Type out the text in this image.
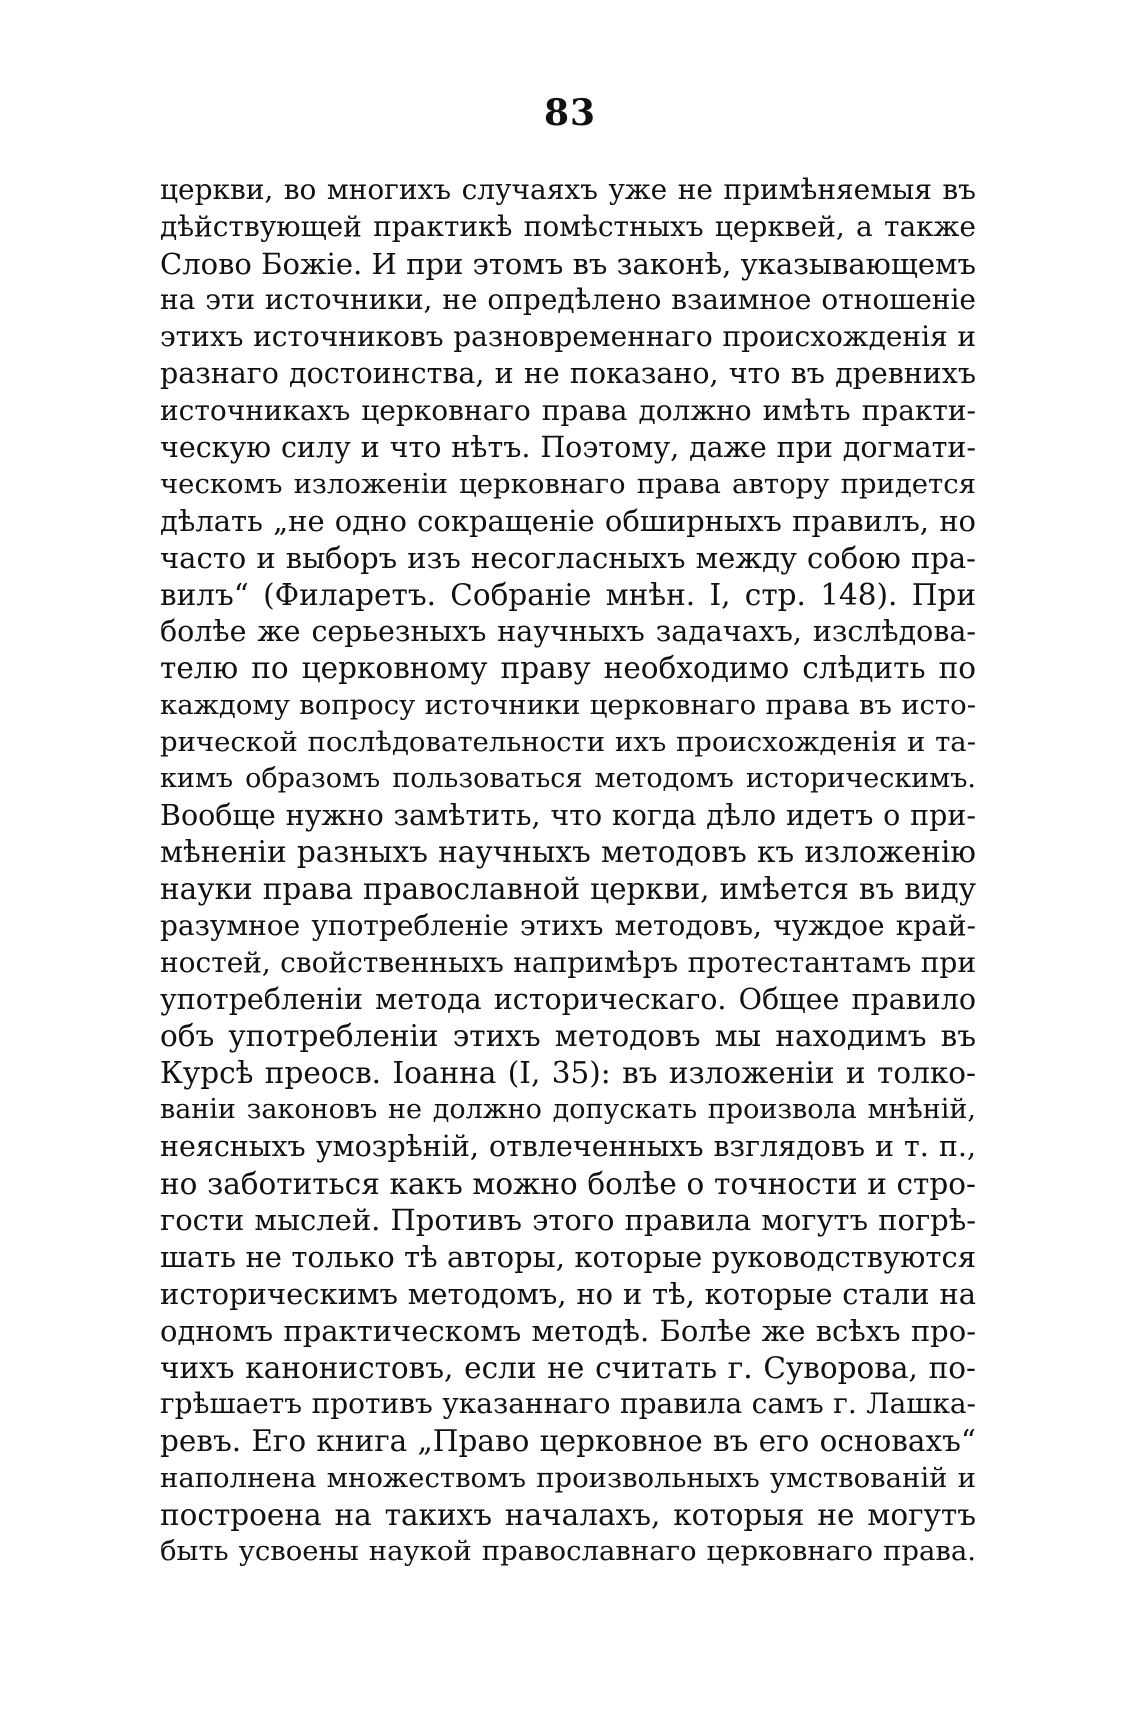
83
церкви, во многихъ случаяхъ уже не примѣняемыя въ
дѣйствующей практикѣ помѣстныхъ церквей, а также
Слово Божіе. И при этомъ въ законѣ, указывающемъ
на эти источники, не опредѣлено взаимное отношеніе
этихъ источниковъ разновременнаго происхожденія и
разнаго достоинства, и не показано, что въ древнихъ
источникахъ церковнаго права должно имѣть практи-
ческую силу и что нѣтъ. Поэтому, даже при догмати-
ческомъ изложеніи церковнаго права автору придется
дѣлать „не одно сокращеніе обширныхъ правилъ, но
часто и выборъ изъ несогласныхъ между собою пра-
вилъ“ (Филаретъ. Собраніе мнѣн. I, стр. 148). При
болѣе же серьезныхъ научныхъ задачахъ, изслѣдова-
телю по церковному праву необходимо слѣдить по
каждому вопросу источники церковнаго права въ исто-
рической послѣдовательности ихъ происхожденія и та-
кимъ образомъ пользоваться методомъ историческимъ.
Вообще нужно замѣтить, что когда дѣло идетъ о при-
мѣненіи разныхъ научныхъ методовъ къ изложенію
науки права православной церкви, имѣется въ виду
разумное употребленіе этихъ методовъ, чуждое край-
ностей, свойственныхъ напримѣръ протестантамъ при
употребленіи метода историческаго. Общее правило
объ употребленіи этихъ методовъ мы находимъ въ
Курсѣ преосв. Іоанна (I, 35): въ изложеніи и толко-
ваніи законовъ не должно допускать произвола мнѣній,
неясныхъ умозрѣній, отвлеченныхъ взглядовъ и т. п.,
но заботиться какъ можно болѣе о точности и стро-
гости мыслей. Противъ этого правила могутъ погрѣ-
шать не только тѣ авторы, которые руководствуются
историческимъ методомъ, но и тѣ, которые стали на
одномъ практическомъ методѣ. Болѣе же всѣхъ про-
чихъ канонистовъ, если не считать г. Суворова, по-
грѣшаетъ противъ указаннаго правила самъ г. Лашка-
ревъ. Его книга „Право церковное въ его основахъ“
наполнена множествомъ произвольныхъ умствованій и
построена на такихъ началахъ, которыя не могутъ
быть усвоены наукой православнаго церковнаго права.
